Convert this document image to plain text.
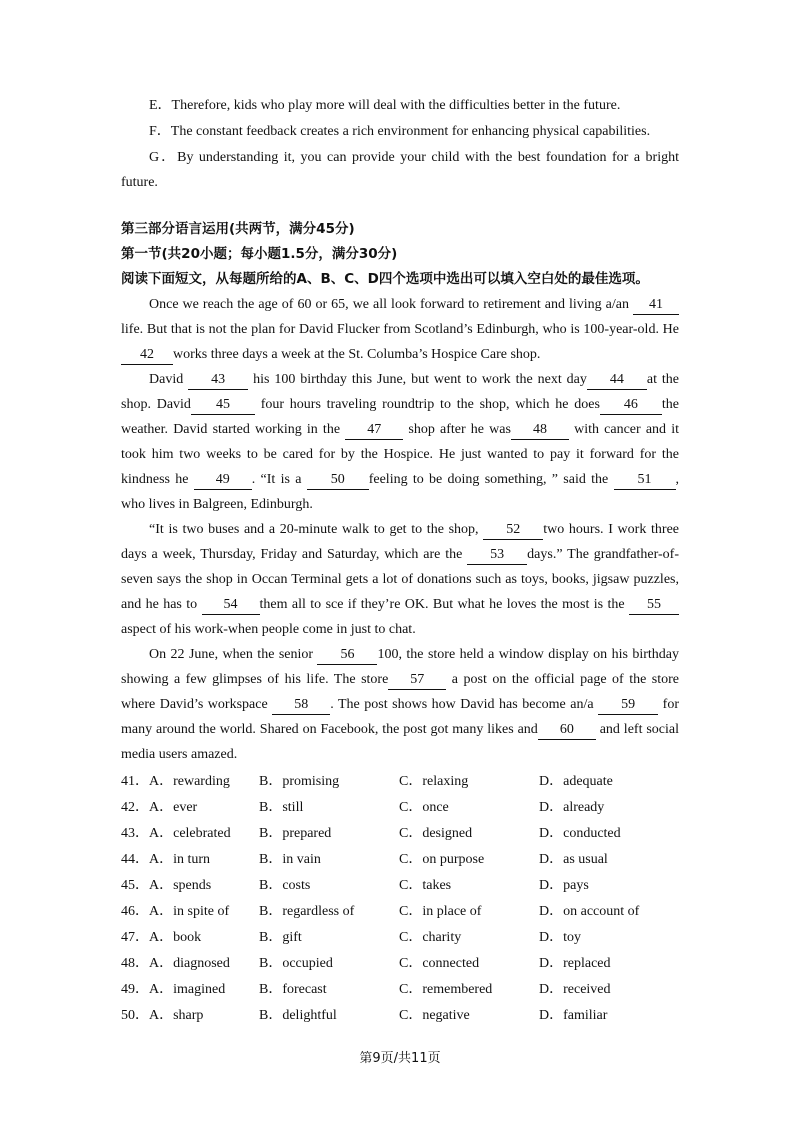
E．Therefore, kids who play more will deal with the difficulties better in the future.

F．The constant feedback creates a rich environment for enhancing physical capabilities.

G．By understanding it, you can provide your child with the best foundation for a bright future.

第三部分语言运用(共两节，满分45分)

第一节(共20小题；每小题1.5分，满分30分)

阅读下面短文，从每题所给的A、B、C、D四个选项中选出可以填入空白处的最佳选项。

Once we reach the age of 60 or 65, we all look forward to retirement and living a/an 41 life. But that is not the plan for David Flucker from Scotland’s Edinburgh, who is 100-year-old. He42 works three days a week at the St. Columba’s Hospice Care shop.

David 43 his 100 birthday this June, but went to work the next day 44 at the shop. David 45 four hours traveling roundtrip to the shop, which he does 46 the weather. David started working in the 47 shop after he was 48 with cancer and it took him two weeks to be cared for by the Hospice. He just wanted to pay it forward for the kindness he 49 . “It is a 50 feeling to be doing something, ” said the 51 , who lives in Balgreen, Edinburgh.

“It is two buses and a 20-minute walk to get to the shop, 52 two hours. I work three days a week, Thursday, Friday and Saturday, which are the 53 days.” The grandfather-of-seven says the shop in Occan Terminal gets a lot of donations such as toys, books, jigsaw puzzles, and he has to 54 them all to sce if they’re OK. But what he loves the most is the 55 aspect of his work-when people come in just to chat.

On 22 June, when the senior 56 100, the store held a window display on his birthday showing a few glimpses of his life. The store 57 a post on the official page of the store where David’s workspace 58 . The post shows how David has become an/a 59 for many around the world. Shared on Facebook, the post got many likes and 60 and left social media users amazed.

41．A．rewarding	B．promising	C．relaxing	D．adequate
42．A．ever	B．still	C．once	D．already
43．A．celebrated	B．prepared	C．designed	D．conducted
44．A．in turn	B．in vain	C．on purpose	D．as usual
45．A．spends	B．costs	C．takes	D．pays
46．A．in spite of	B．regardless of	C．in place of	D．on account of
47．A．book	B．gift	C．charity	D．toy
48．A．diagnosed	B．occupied	C．connected	D．replaced
49．A．imagined	B．forecast	C．remembered	D．received
50．A．sharp	B．delightful	C．negative	D．familiar
第9页/共11页
